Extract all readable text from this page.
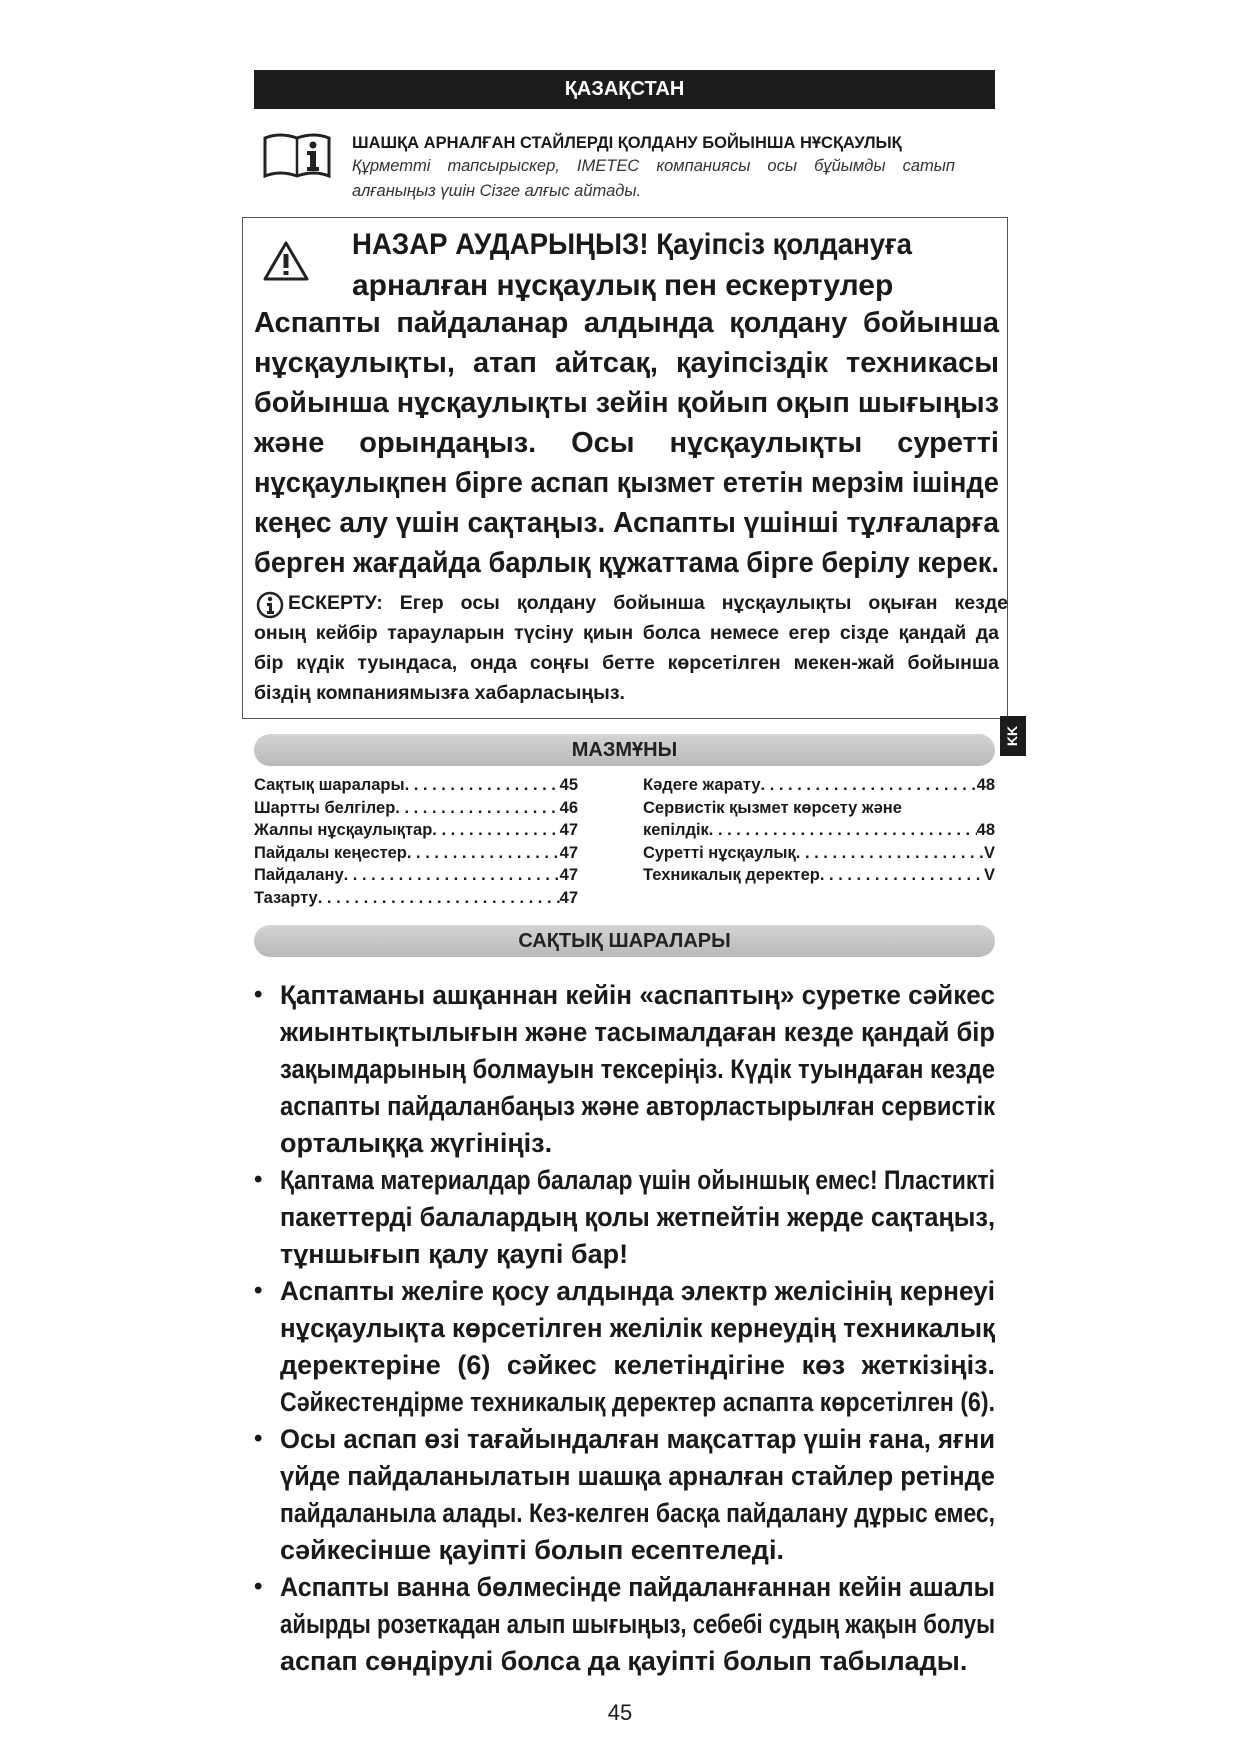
ҚАЗАҚСТАН
ШАШҚА АРНАЛҒАН СТАЙЛЕРДІ ҚОЛДАНУ БОЙЫНША НҰСҚАУЛЫҚ
Құрметті тапсырыскер, IMETEC компаниясы осы бұйымды сатып
алғаныңыз үшін Сізге алғыс айтады.
НАЗАР АУДАРЫҢЫЗ! Қауіпсіз қолдануға
арналған нұсқаулық пен ескертулер
Аспапты пайдаланар алдында қолдану бойынша
нұсқаулықты, атап айтсақ, қауіпсіздік техникасы
бойынша нұсқаулықты зейін қойып оқып шығыңыз
және орындаңыз. Осы нұсқаулықты суретті
нұсқаулықпен бірге аспап қызмет ететін мерзім ішінде
кеңес алу үшін сақтаңыз. Аспапты үшінші тұлғаларға
берген жағдайда барлық құжаттама бірге берілу керек.
ЕСКЕРТУ: Егер осы қолдану бойынша нұсқаулықты оқыған кезде
оның кейбір тарауларын түсіну қиын болса немесе егер сізде қандай да
бір күдік туындаса, онда соңғы бетте көрсетілген мекен-жай бойынша
біздің компаниямызға хабарласыңыз.
KK
МАЗМҰНЫ
Сақтық шаралары . . .	45
Шартты белгілер . . .	46
Жалпы нұсқаулықтар . . .	47
Пайдалы кеңестер . . .	47
Пайдалану . . .	47
Тазарту . . .	47
Кәдеге жарату . . .	48
Сервистік қызмет көрсету және
кепілдік . . .	48
Суретті нұсқаулық . . .	V
Техникалық деректер . . .	V
САҚТЫҚ ШАРАЛАРЫ
• Қаптаманы ашқаннан кейін «аспаптың» суретке сәйкес
жиынтықтылығын және тасымалдаған кезде қандай бір
зақымдарының болмауын тексеріңіз. Күдік туындаған кезде
аспапты пайдаланбаңыз және авторластырылған сервистік
орталыққа жүгініңіз.
• Қаптама материалдар балалар үшін ойыншық емес! Пластикті
пакеттерді балалардың қолы жетпейтін жерде сақтаңыз,
тұншығып қалу қаупі бар!
• Аспапты желіге қосу алдында электр желісінің кернеуі
нұсқаулықта көрсетілген желілік кернеудің техникалық
деректеріне (6) сәйкес келетіндігіне көз жеткізіңіз.
Сәйкестендірме техникалық деректер аспапта көрсетілген (6).
• Осы аспап өзі тағайындалған мақсаттар үшін ғана, яғни
үйде пайдаланылатын шашқа арналған стайлер ретінде
пайдаланыла алады. Кез-келген басқа пайдалану дұрыс емес,
сәйкесінше қауіпті болып есептеледі.
• Аспапты ванна бөлмесінде пайдаланғаннан кейін ашалы
айырды розеткадан алып шығыңыз, себебі судың жақын болуы
аспап сөндірулі болса да қауіпті болып табылады.
45
